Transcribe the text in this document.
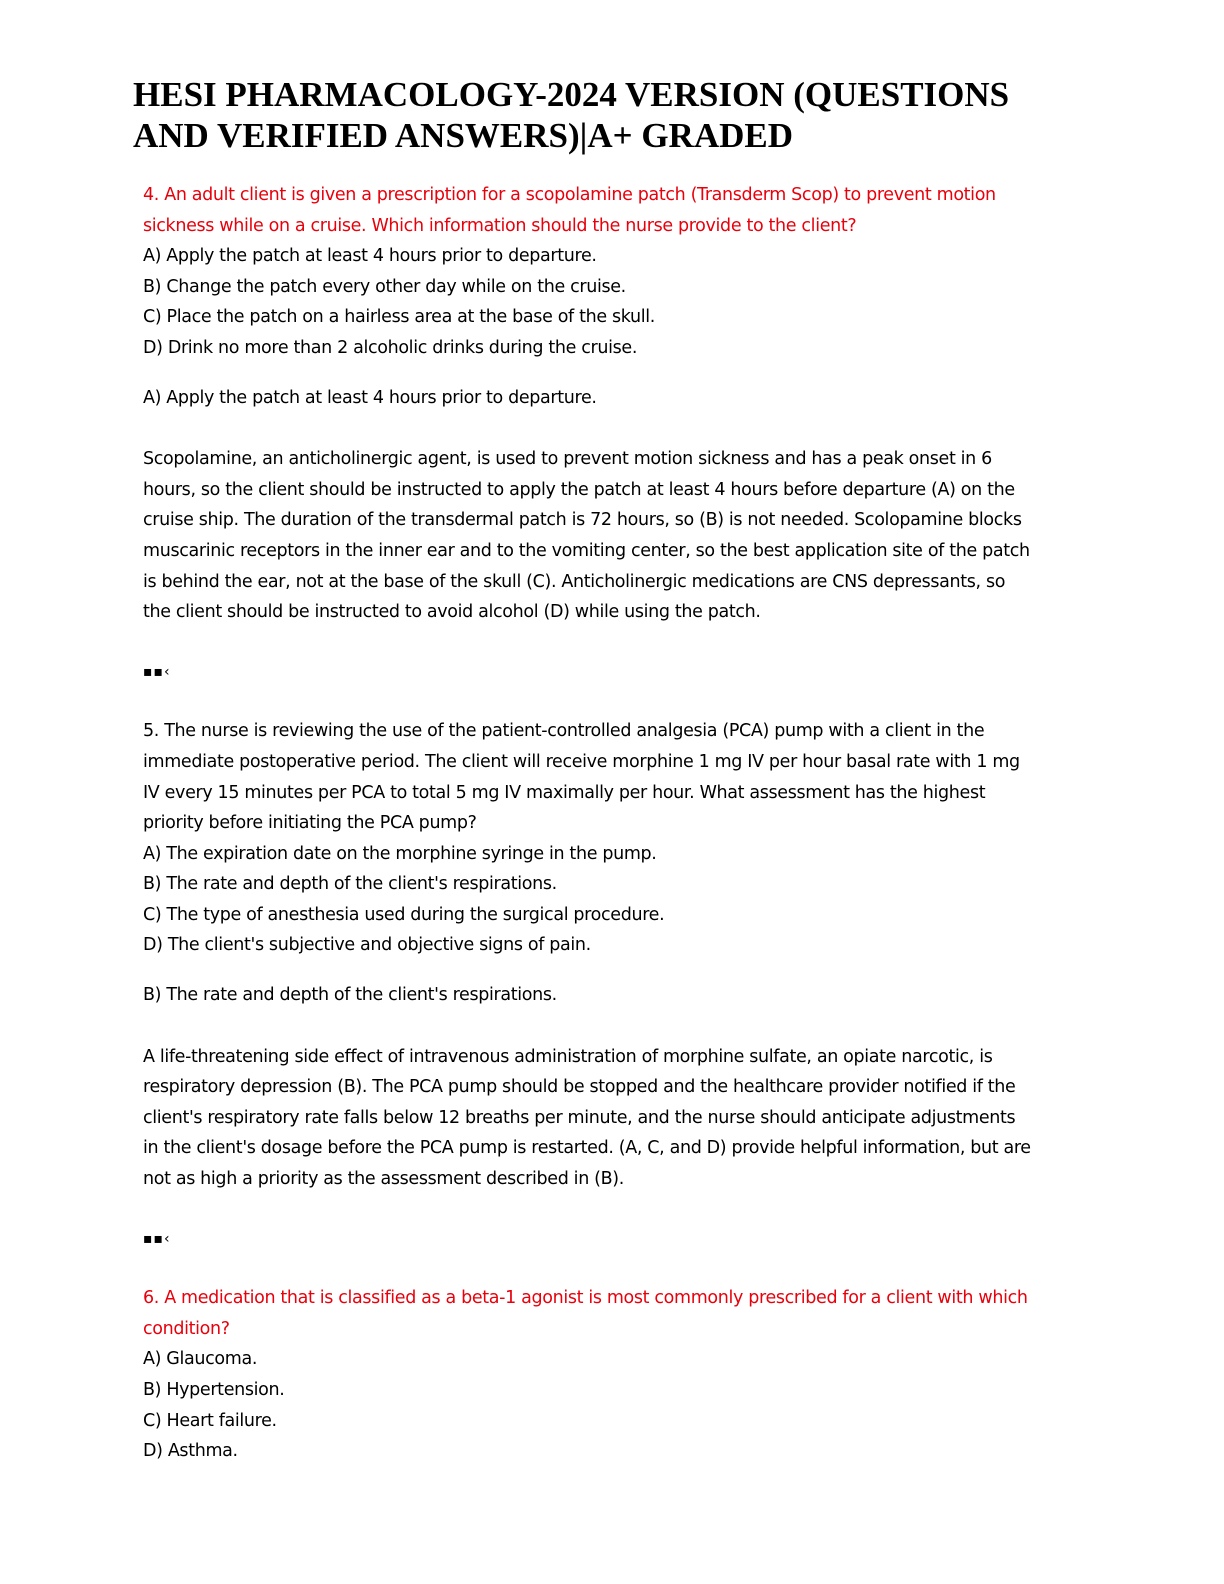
HESI PHARMACOLOGY-2024 VERSION (QUESTIONS
AND VERIFIED ANSWERS)|A+ GRADED
4. An adult client is given a prescription for a scopolamine patch (Transderm Scop) to prevent motion
sickness while on a cruise. Which information should the nurse provide to the client?
A) Apply the patch at least 4 hours prior to departure.
B) Change the patch every other day while on the cruise.
C) Place the patch on a hairless area at the base of the skull.
D) Drink no more than 2 alcoholic drinks during the cruise.
A) Apply the patch at least 4 hours prior to departure.
Scopolamine, an anticholinergic agent, is used to prevent motion sickness and has a peak onset in 6
hours, so the client should be instructed to apply the patch at least 4 hours before departure (A) on the
cruise ship. The duration of the transdermal patch is 72 hours, so (B) is not needed. Scolopamine blocks
muscarinic receptors in the inner ear and to the vomiting center, so the best application site of the patch
is behind the ear, not at the base of the skull (C). Anticholinergic medications are CNS depressants, so
the client should be instructed to avoid alcohol (D) while using the patch.
▪▪‹
5. The nurse is reviewing the use of the patient-controlled analgesia (PCA) pump with a client in the
immediate postoperative period. The client will receive morphine 1 mg IV per hour basal rate with 1 mg
IV every 15 minutes per PCA to total 5 mg IV maximally per hour. What assessment has the highest
priority before initiating the PCA pump?
A) The expiration date on the morphine syringe in the pump.
B) The rate and depth of the client's respirations.
C) The type of anesthesia used during the surgical procedure.
D) The client's subjective and objective signs of pain.
B) The rate and depth of the client's respirations.
A life-threatening side effect of intravenous administration of morphine sulfate, an opiate narcotic, is
respiratory depression (B). The PCA pump should be stopped and the healthcare provider notified if the
client's respiratory rate falls below 12 breaths per minute, and the nurse should anticipate adjustments
in the client's dosage before the PCA pump is restarted. (A, C, and D) provide helpful information, but are
not as high a priority as the assessment described in (B).
▪▪‹
6. A medication that is classified as a beta-1 agonist is most commonly prescribed for a client with which
condition?
A) Glaucoma.
B) Hypertension.
C) Heart failure.
D) Asthma.
